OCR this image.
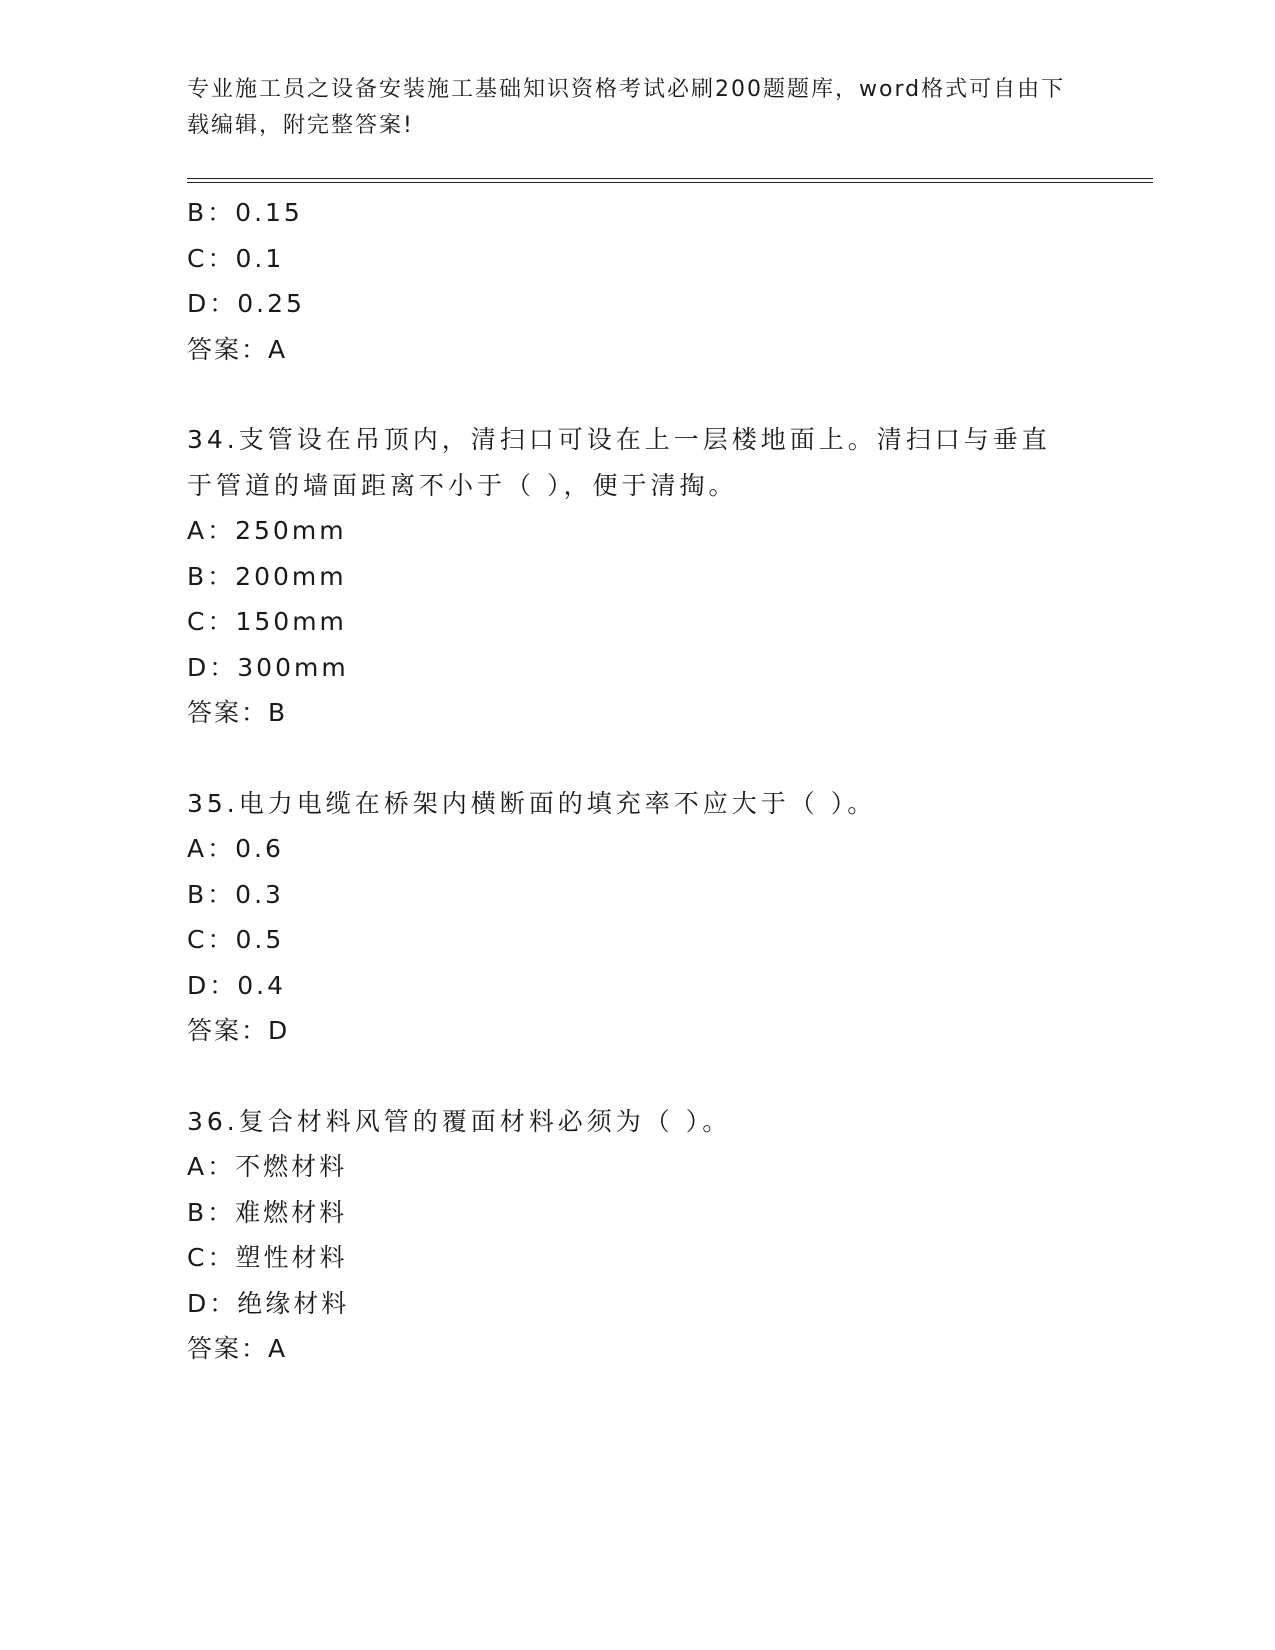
专业施工员之设备安装施工基础知识资格考试必刷200题题库，word格式可自由下载编辑，附完整答案!
B：0.15
C：0.1
D：0.25
答案：A
34.支管设在吊顶内，清扫口可设在上一层楼地面上。清扫口与垂直于管道的墙面距离不小于（ ），便于清掏。
A：250mm
B：200mm
C：150mm
D：300mm
答案：B
35.电力电缆在桥架内横断面的填充率不应大于（ ）。
A：0.6
B：0.3
C：0.5
D：0.4
答案：D
36.复合材料风管的覆面材料必须为（ ）。
A：不燃材料
B：难燃材料
C：塑性材料
D：绝缘材料
答案：A
